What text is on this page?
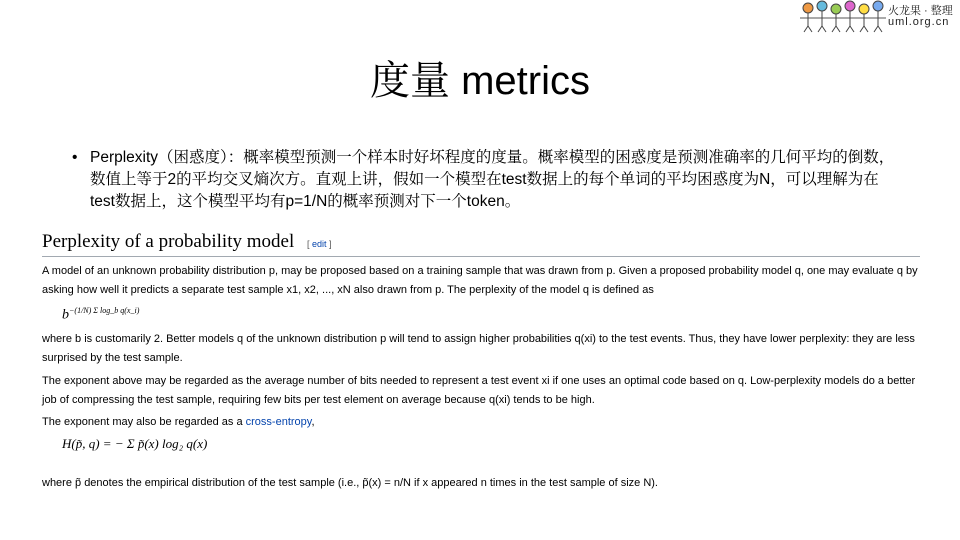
火龙果 · 整理
uml.org.cn
度量 metrics
• Perplexity（困惑度）：概率模型预测一个样本时好坏程度的度量。概率模型的困惑度是预测准确率的几何平均的倒数，数值上等于2的平均交叉熵次方。直观上讲，假如一个模型在test数据上的每个单词的平均困惑度为N，可以理解为在test数据上，这个模型平均有p=1/N的概率预测对下一个token。
Perplexity of a probability model [ edit ]

A model of an unknown probability distribution p, may be proposed based on a training sample that was drawn from p. Given a proposed probability model q, one may evaluate q by asking how well it predicts a separate test sample x1, x2, ..., xN also drawn from p. The perplexity of the model q is defined as

$b^{-(1/N) \Sigma log\_b q(x\_i)}$

where b is customarily 2. Better models q of the unknown distribution p will tend to assign higher probabilities q(xi) to the test events. Thus, they have lower perplexity: they are less surprised by the test sample.

The exponent above may be regarded as the average number of bits needed to represent a test event xi if one uses an optimal code based on q. Low-perplexity models do a better job of compressing the test sample, requiring few bits per test element on average because q(xi) tends to be high.

The exponent may also be regarded as a cross-entropy,

H(p̃, q) = − Σ p̃(x) log₂ q(x)

where p̃ denotes the empirical distribution of the test sample (i.e., p̃(x) = n/N if x appeared n times in the test sample of size N).
